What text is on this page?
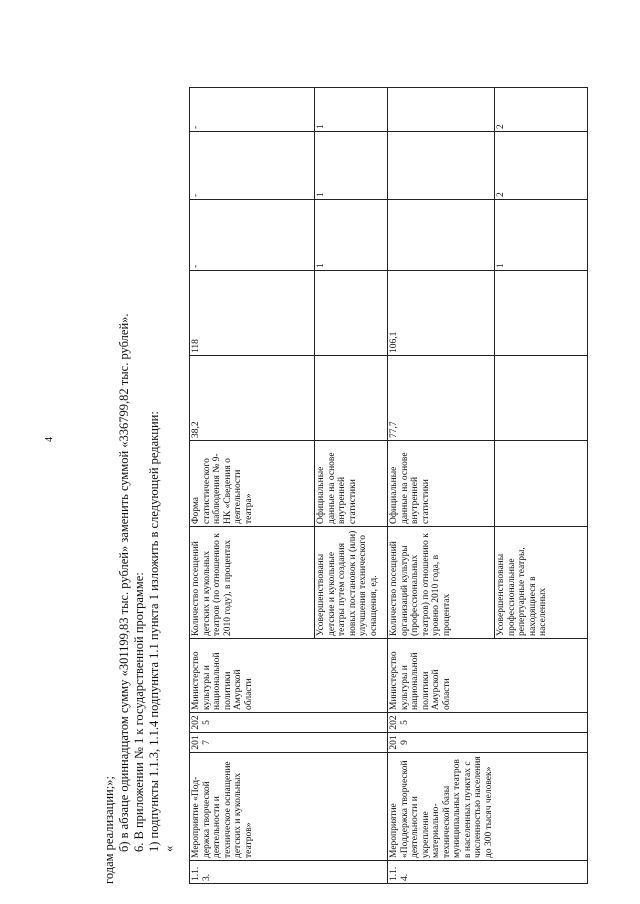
4
годам реализации;»; б) в абзаце одиннадцатом сумму «301199,83 тыс. рублей» заменить суммой «336799,82 тыс. рублей». 6. В приложении № 1 к государственной программе: 1) подпункты 1.1.3, 1.1.4 подпункта 1.1 пункта 1 изложить в следующей редакции: «
1.1.3.	Мероприятие «Под-держка творческой деятельности и техническое оснащение детских и кукольных театров»	2017	2025	Министерство культуры и национальной политики Амурской области	Количество посещений детских и кукольных театров (по отношению к 2010 году), в процентах	Форма статистического наблюдения № 9-НК «Сведения о деятельности театра»	38,2	118	-	-	-
					Усовершенствованы детские и кукольные театры путем создания новых постановок и (или) улучшения технического оснащения, ед.	Официальные данные на основе внутренней статистики			1	1	1
1.1.4.	Мероприятие «Поддержка творческой деятельности и укрепление материально-технической базы муниципальных театров в населенных пунктах с численностью населения до 300 тысяч человек»	2019	2025	Министерство культуры и национальной политики Амурской области	Количество посещений организаций культуры (профессиональных театров) по отношению к уровню 2010 года, в процентах	Официальные данные на основе внутренней статистики	77,7	106,1			
					Усовершенствованы профессиональные репертуарные театры, находящиеся в населенных				1	2	2
